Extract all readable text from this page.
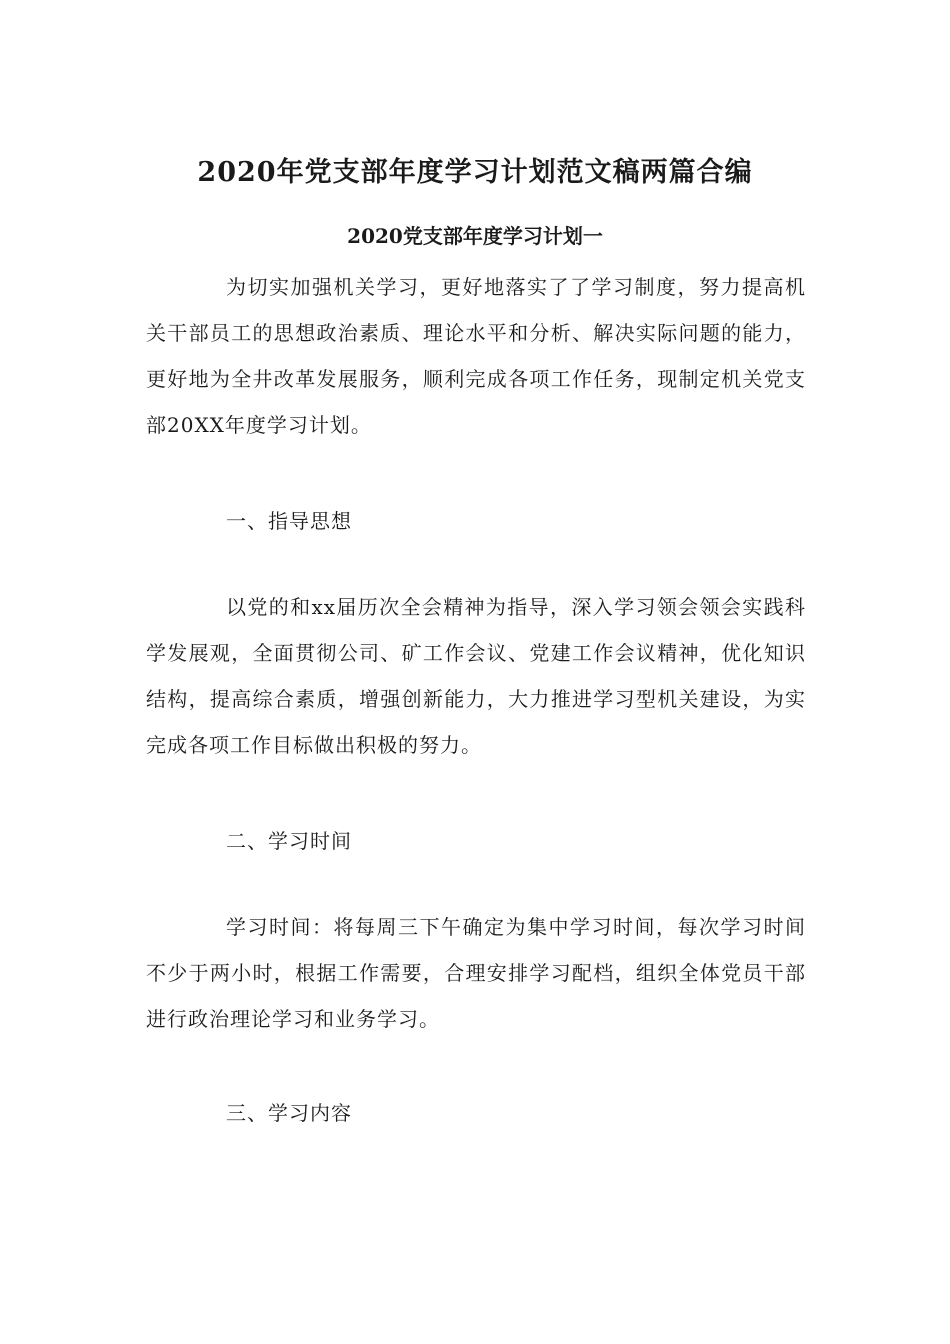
2020年党支部年度学习计划范文稿两篇合编
2020党支部年度学习计划一

为切实加强机关学习，更好地落实了了学习制度，努力提高机关干部员工的思想政治素质、理论水平和分析、解决实际问题的能力，更好地为全井改革发展服务，顺利完成各项工作任务，现制定机关党支部20XX年度学习计划。

一、指导思想

以党的和xx届历次全会精神为指导，深入学习领会领会实践科学发展观，全面贯彻公司、矿工作会议、党建工作会议精神，优化知识结构，提高综合素质，增强创新能力，大力推进学习型机关建设，为实完成各项工作目标做出积极的努力。

二、学习时间

学习时间：将每周三下午确定为集中学习时间，每次学习时间不少于两小时，根据工作需要，合理安排学习配档，组织全体党员干部进行政治理论学习和业务学习。

三、学习内容
